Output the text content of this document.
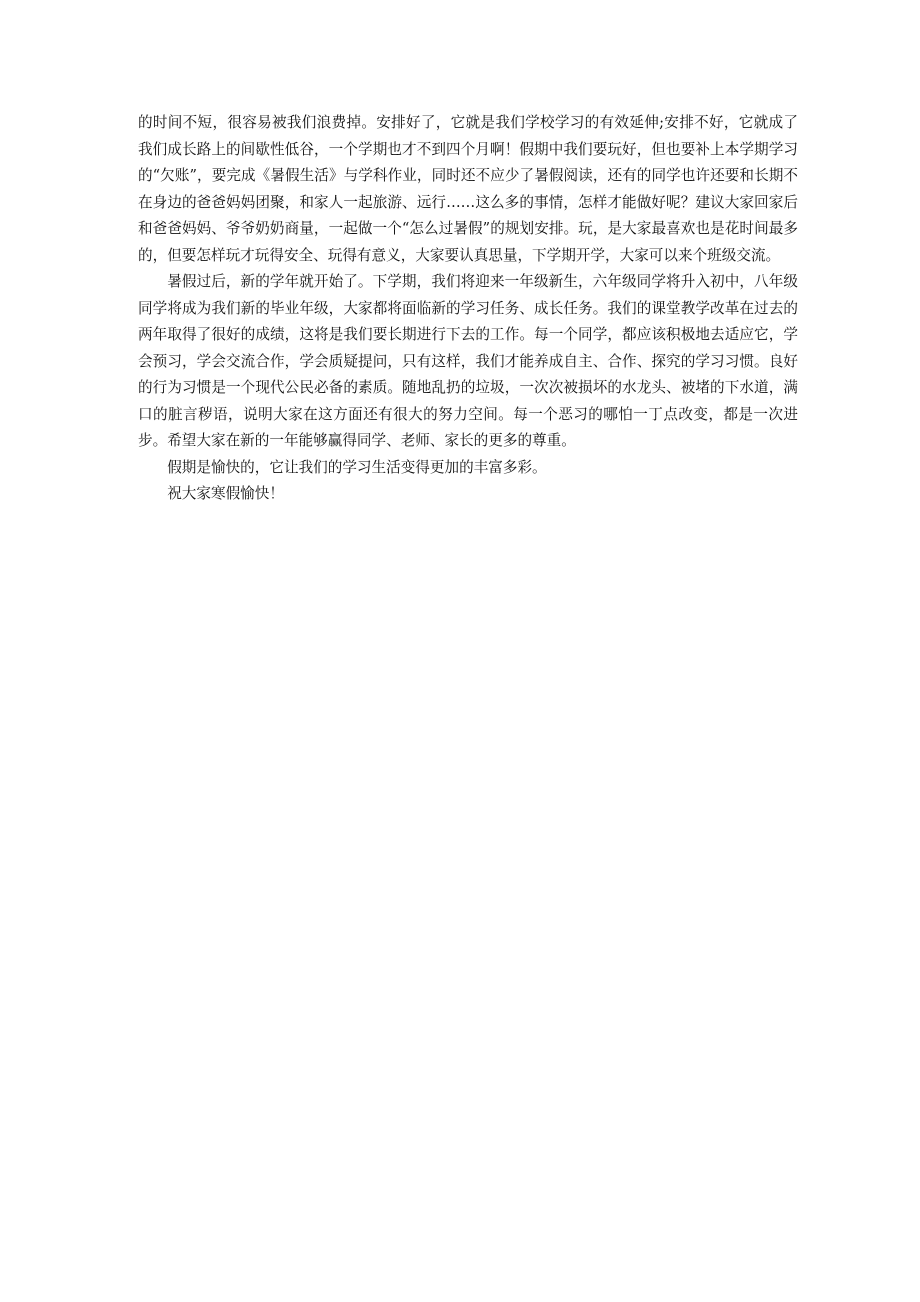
的时间不短，很容易被我们浪费掉。安排好了，它就是我们学校学习的有效延伸;安排不好，它就成了我们成长路上的间歇性低谷，一个学期也才不到四个月啊！假期中我们要玩好，但也要补上本学期学习的“欠账”，要完成《暑假生活》与学科作业，同时还不应少了暑假阅读，还有的同学也许还要和长期不在身边的爸爸妈妈团聚，和家人一起旅游、远行……这么多的事情，怎样才能做好呢？建议大家回家后和爸爸妈妈、爷爷奶奶商量，一起做一个“怎么过暑假”的规划安排。玩，是大家最喜欢也是花时间最多的，但要怎样玩才玩得安全、玩得有意义，大家要认真思量，下学期开学，大家可以来个班级交流。

暑假过后，新的学年就开始了。下学期，我们将迎来一年级新生，六年级同学将升入初中，八年级同学将成为我们新的毕业年级，大家都将面临新的学习任务、成长任务。我们的课堂教学改革在过去的两年取得了很好的成绩，这将是我们要长期进行下去的工作。每一个同学，都应该积极地去适应它，学会预习，学会交流合作，学会质疑提问，只有这样，我们才能养成自主、合作、探究的学习习惯。良好的行为习惯是一个现代公民必备的素质。随地乱扔的垃圾，一次次被损坏的水龙头、被堵的下水道，满口的脏言秽语，说明大家在这方面还有很大的努力空间。每一个恶习的哪怕一丁点改变，都是一次进步。希望大家在新的一年能够赢得同学、老师、家长的更多的尊重。

假期是愉快的，它让我们的学习生活变得更加的丰富多彩。

祝大家寒假愉快！
